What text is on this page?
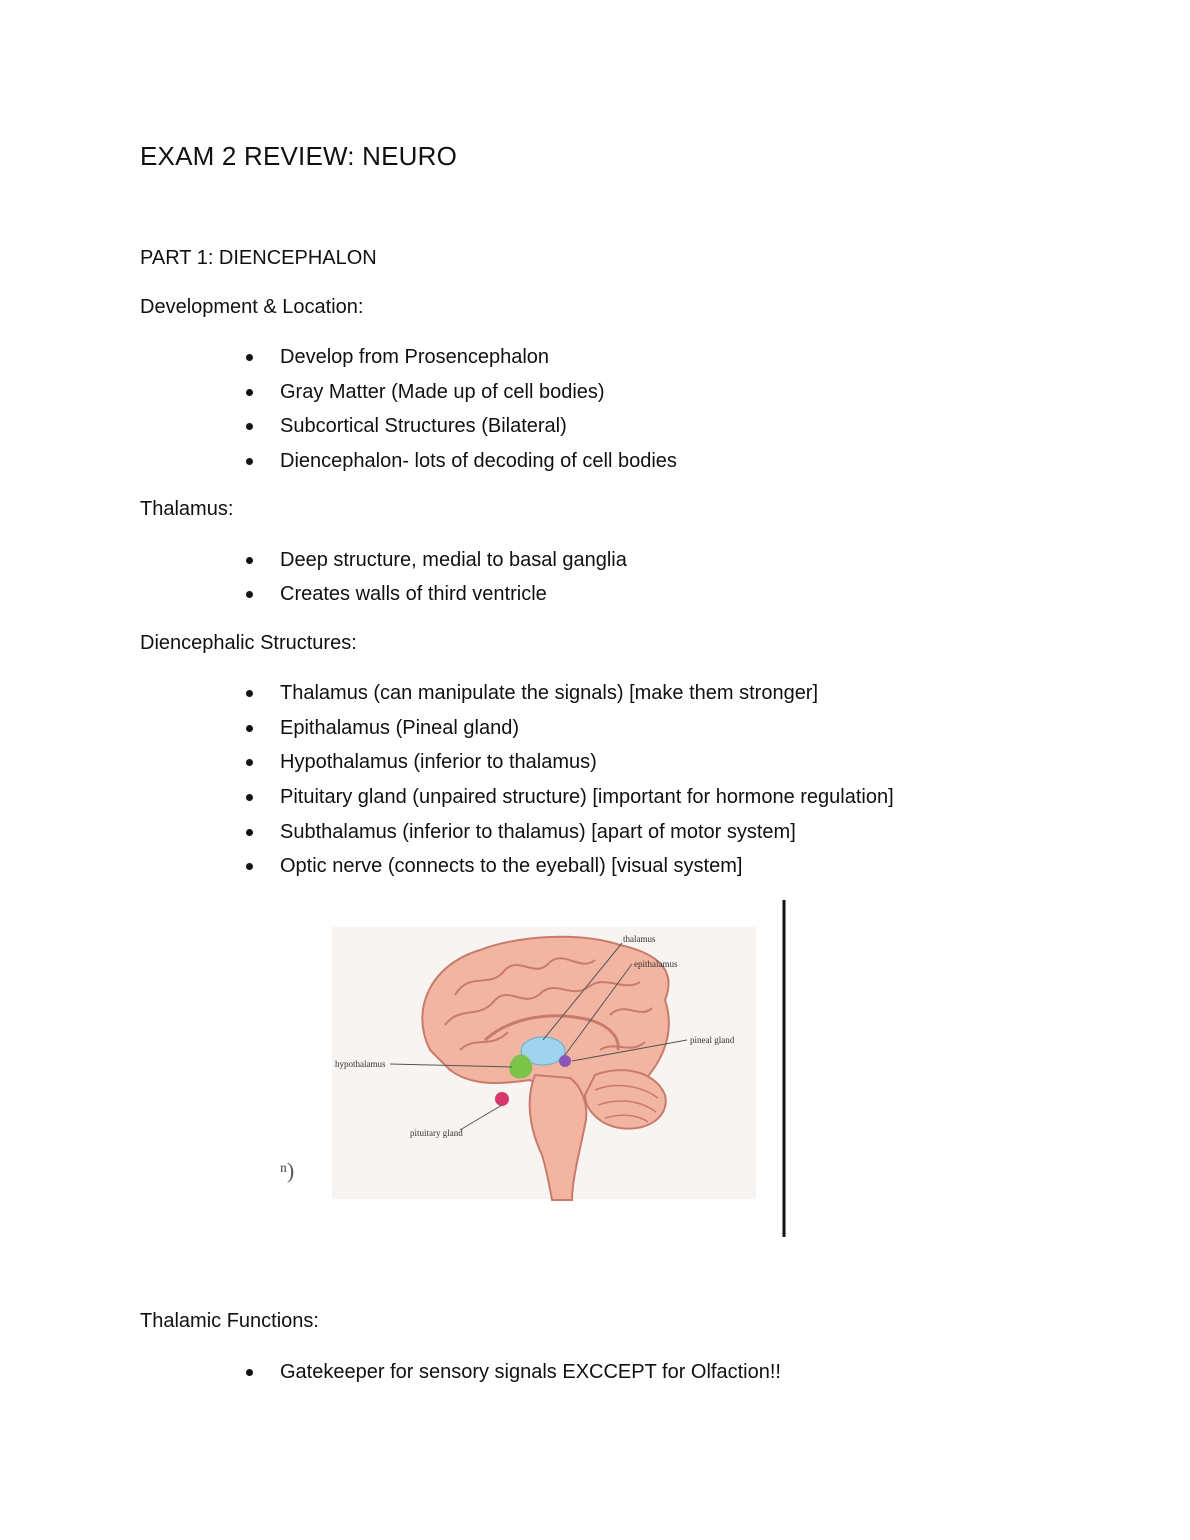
EXAM 2 REVIEW: NEURO
PART 1: DIENCEPHALON
Development & Location:
Develop from Prosencephalon
Gray Matter (Made up of cell bodies)
Subcortical Structures (Bilateral)
Diencephalon- lots of decoding of cell bodies
Thalamus:
Deep structure, medial to basal ganglia
Creates walls of third ventricle
Diencephalic Structures:
Thalamus (can manipulate the signals) [make them stronger]
Epithalamus (Pineal gland)
Hypothalamus (inferior to thalamus)
Pituitary gland (unpaired structure) [important for hormone regulation]
Subthalamus (inferior to thalamus) [apart of motor system]
Optic nerve (connects to the eyeball) [visual system]
thalamus
epithalamus
pineal gland
hypothalamus
pituitary gland
ⁿ)
Thalamic Functions:
Gatekeeper for sensory signals EXCCEPT for Olfaction!!
